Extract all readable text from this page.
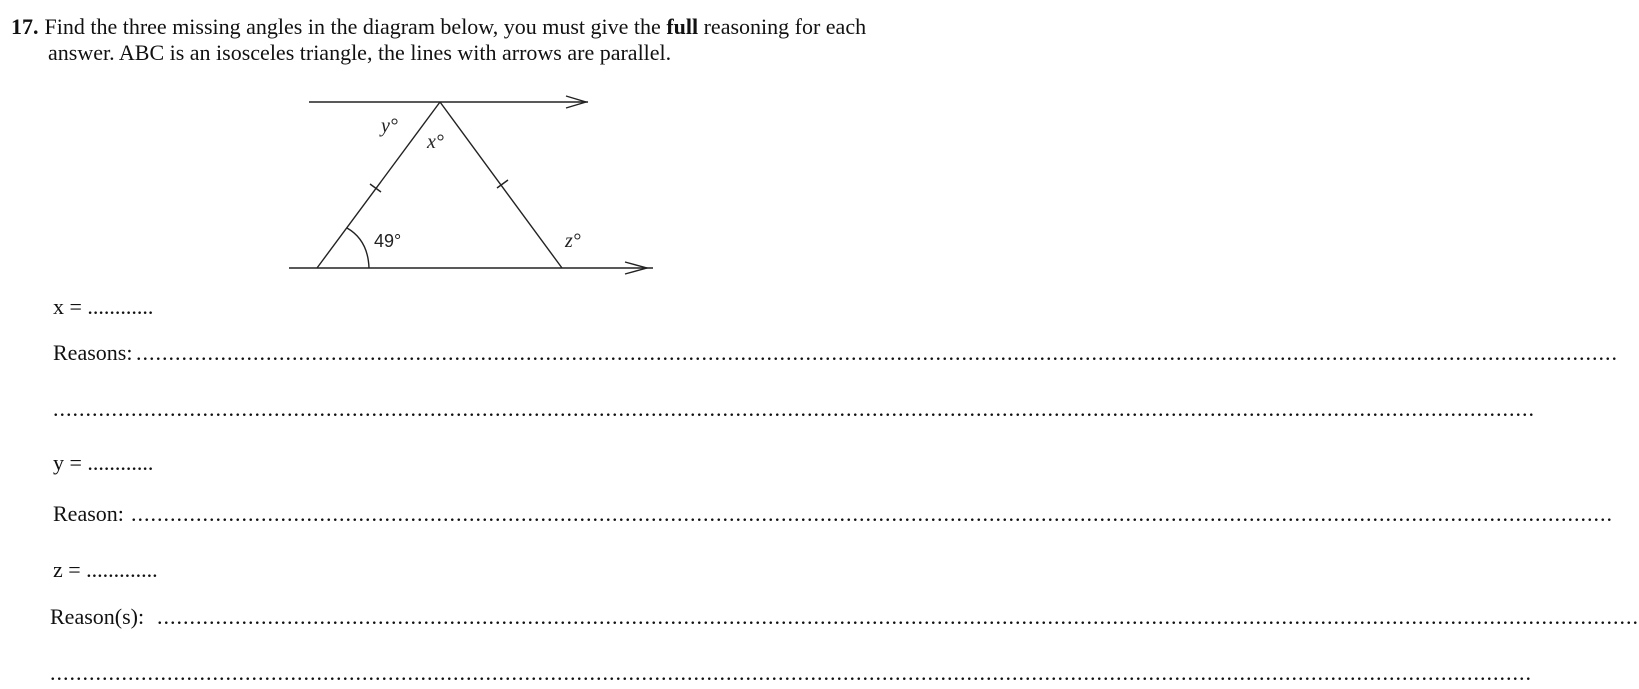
17. Find the three missing angles in the diagram below, you must give the full reasoning for each
answer. ABC is an isosceles triangle, the lines with arrows are parallel.
y°
x°
49°	z°
x = ............
Reasons: ....................................................................................................................................................................................................................................
....................................................................................................................................................................................................................................
y = ............
Reason: ....................................................................................................................................................................................................................................
z = .............
Reason(s): ....................................................................................................................................................................................................................................
....................................................................................................................................................................................................................................
